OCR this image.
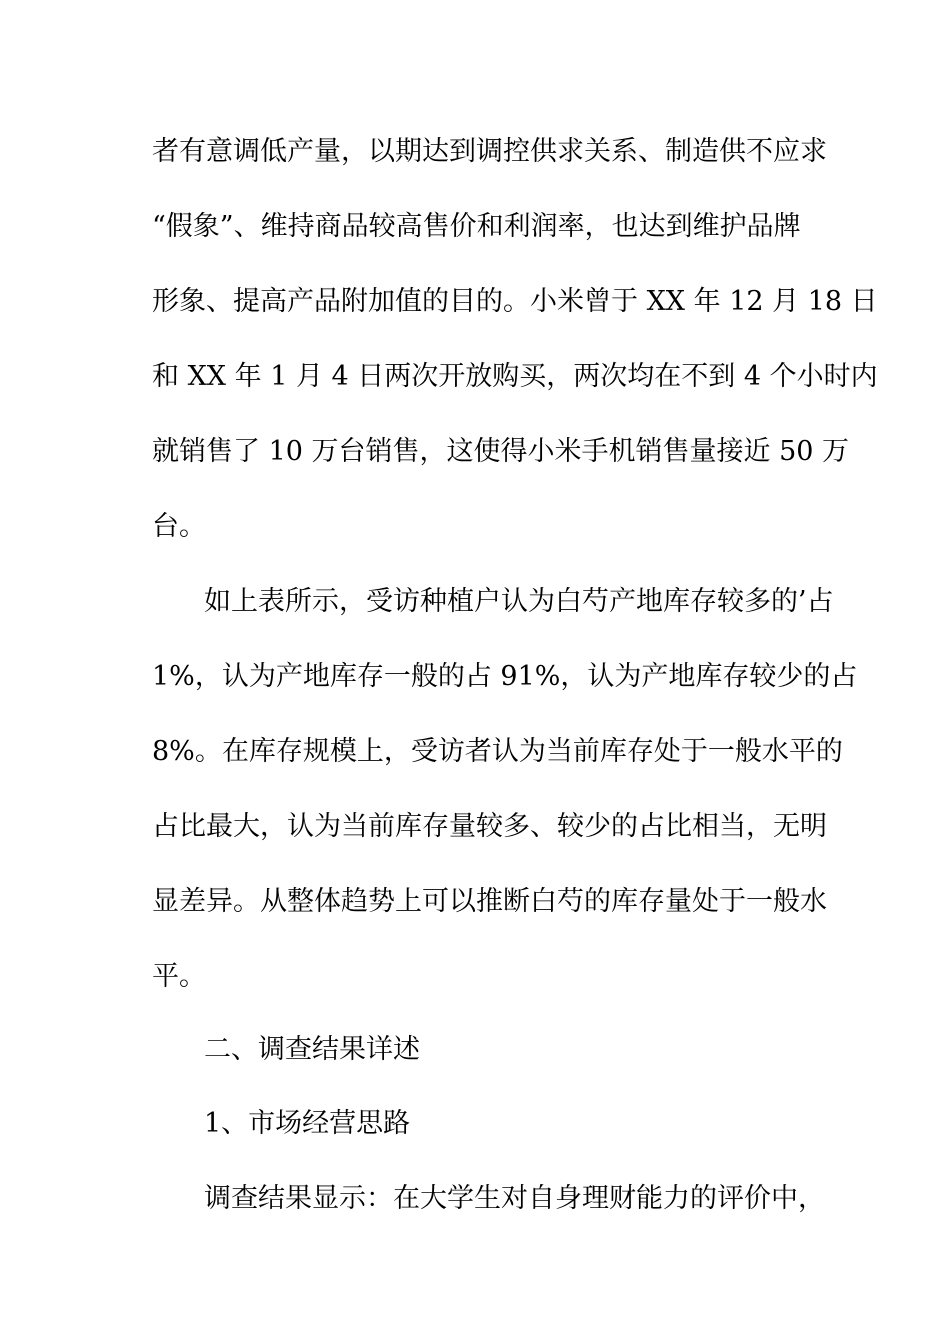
者有意调低产量，以期达到调控供求关系、制造供不应求
“假象”、维持商品较高售价和利润率，也达到维护品牌
形象、提高产品附加值的目的。小米曾于 XX 年 12 月 18 日
和 XX 年 1 月 4 日两次开放购买，两次均在不到 4 个小时内
就销售了 10 万台销售，这使得小米手机销售量接近 50 万
台。
如上表所示，受访种植户认为白芍产地库存较多的’占
1%，认为产地库存一般的占 91%，认为产地库存较少的占
8%。在库存规模上，受访者认为当前库存处于一般水平的
占比最大，认为当前库存量较多、较少的占比相当，无明
显差异。从整体趋势上可以推断白芍的库存量处于一般水
平。
二、调查结果详述
1、市场经营思路
调查结果显示：在大学生对自身理财能力的评价中，
